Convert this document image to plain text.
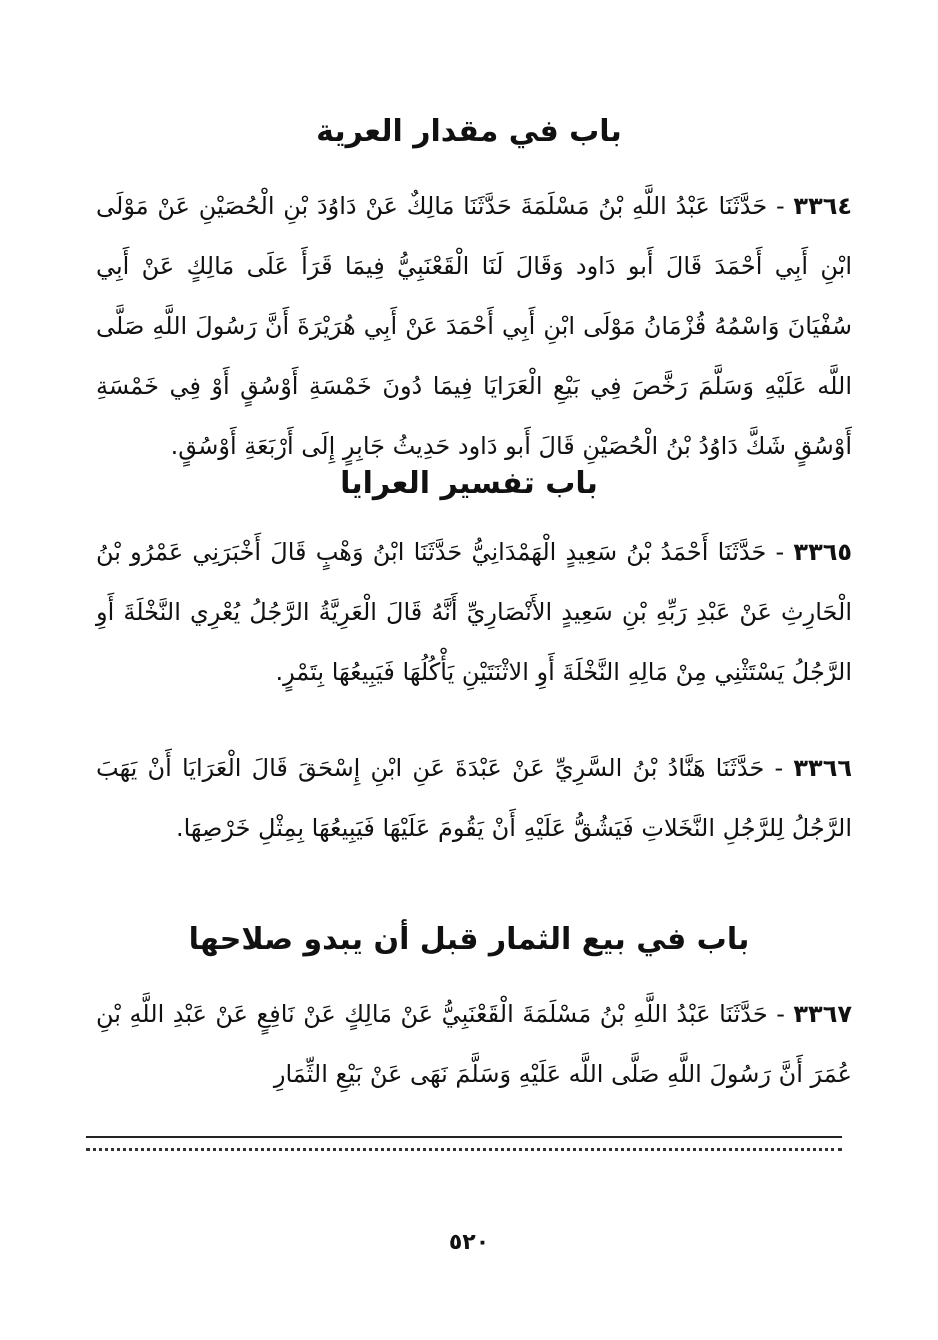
باب في مقدار العرية
٣٣٦٤ - حَدَّثَنَا عَبْدُ اللَّهِ بْنُ مَسْلَمَةَ حَدَّثَنَا مَالِكٌ عَنْ دَاوُدَ بْنِ الْحُصَيْنِ عَنْ مَوْلَى ابْنِ أَبِي أَحْمَدَ قَالَ أَبو دَاود وَقَالَ لَنَا الْقَعْنَبِيُّ فِيمَا قَرَأَ عَلَى مَالِكٍ عَنْ أَبِي سُفْيَانَ وَاسْمُهُ قُزْمَانُ مَوْلَى ابْنِ أَبِي أَحْمَدَ عَنْ أَبِي هُرَيْرَةَ أَنَّ رَسُولَ اللَّهِ صَلَّى اللَّه عَلَيْهِ وَسَلَّمَ رَخَّصَ فِي بَيْعِ الْعَرَايَا فِيمَا دُونَ خَمْسَةِ أَوْسُقٍ أَوْ فِي خَمْسَةِ أَوْسُقٍ شَكَّ دَاوُدُ بْنُ الْحُصَيْنِ قَالَ أَبو دَاود حَدِيثُ جَابِرٍ إِلَى أَرْبَعَةِ أَوْسُقٍ.
باب تفسير العرايا
٣٣٦٥ - حَدَّثَنَا أَحْمَدُ بْنُ سَعِيدٍ الْهَمْدَانِيُّ حَدَّثَنَا ابْنُ وَهْبٍ قَالَ أَخْبَرَنِي عَمْرُو بْنُ الْحَارِثِ عَنْ عَبْدِ رَبِّهِ بْنِ سَعِيدٍ الأَنْصَارِيِّ أَنَّهُ قَالَ الْعَرِيَّةُ الرَّجُلُ يُعْرِي النَّخْلَةَ أَوِ الرَّجُلُ يَسْتَثْنِي مِنْ مَالِهِ النَّخْلَةَ أَوِ الاثْنَتَيْنِ يَأْكُلُهَا فَيَبِيعُهَا بِتَمْرٍ.
٣٣٦٦ - حَدَّثَنَا هَنَّادُ بْنُ السَّرِيِّ عَنْ عَبْدَةَ عَنِ ابْنِ إِسْحَقَ قَالَ الْعَرَايَا أَنْ يَهَبَ الرَّجُلُ لِلرَّجُلِ النَّخَلاتِ فَيَشُقُّ عَلَيْهِ أَنْ يَقُومَ عَلَيْهَا فَيَبِيعُهَا بِمِثْلِ خَرْصِهَا.
باب في بيع الثمار قبل أن يبدو صلاحها
٣٣٦٧ - حَدَّثَنَا عَبْدُ اللَّهِ بْنُ مَسْلَمَةَ الْقَعْنَبِيُّ عَنْ مَالِكٍ عَنْ نَافِعٍ عَنْ عَبْدِ اللَّهِ بْنِ عُمَرَ أَنَّ رَسُولَ اللَّهِ صَلَّى اللَّه عَلَيْهِ وَسَلَّمَ نَهَى عَنْ بَيْعِ الثِّمَارِ
٥٢٠
